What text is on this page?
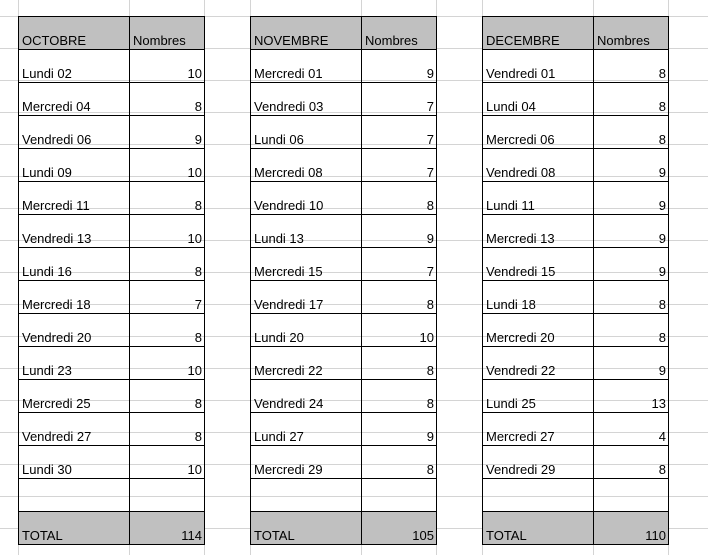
OCTOBRE	Nombres
Lundi 02	10
Mercredi 04	8
Vendredi 06	9
Lundi 09	10
Mercredi 11	8
Vendredi 13	10
Lundi 16	8
Mercredi 18	7
Vendredi 20	8
Lundi 23	10
Mercredi 25	8
Vendredi 27	8
Lundi 30	10

TOTAL	114
NOVEMBRE	Nombres
Mercredi 01	9
Vendredi 03	7
Lundi 06	7
Mercredi 08	7
Vendredi 10	8
Lundi 13	9
Mercredi 15	7
Vendredi 17	8
Lundi 20	10
Mercredi 22	8
Vendredi 24	8
Lundi 27	9
Mercredi 29	8

TOTAL	105
DECEMBRE	Nombres
Vendredi 01	8
Lundi 04	8
Mercredi 06	8
Vendredi 08	9
Lundi 11	9
Mercredi 13	9
Vendredi 15	9
Lundi 18	8
Mercredi 20	8
Vendredi 22	9
Lundi 25	13
Mercredi 27	4
Vendredi 29	8

TOTAL	110
